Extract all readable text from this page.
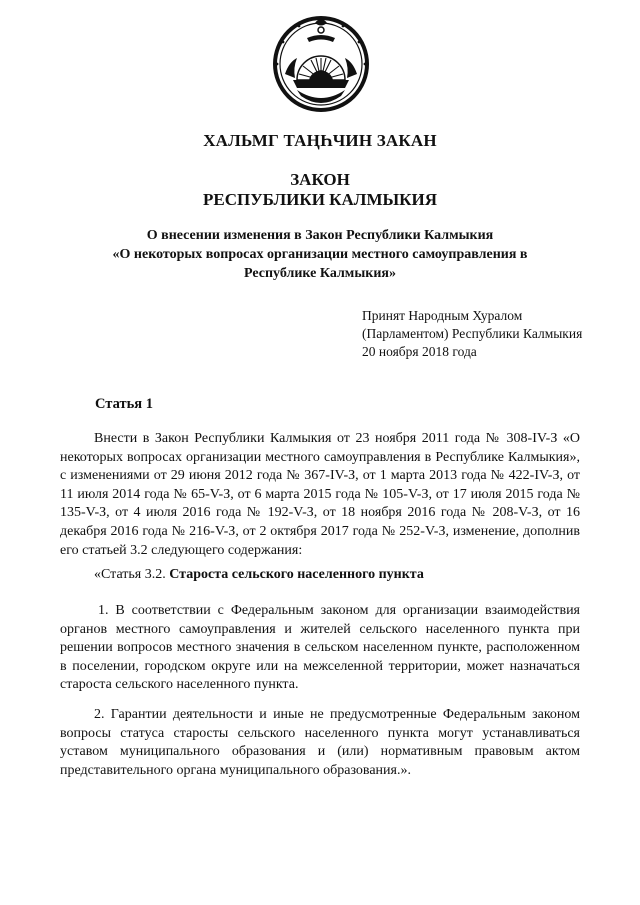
ХАЛЬМГ ТАҢҺЧИН ЗАКАН
ЗАКОН
РЕСПУБЛИКИ КАЛМЫКИЯ
О внесении изменения в Закон Республики Калмыкия
«О некоторых вопросах организации местного самоуправления в
Республике Калмыкия»
Принят Народным Хуралом
(Парламентом) Республики Калмыкия
20 ноября 2018 года
Статья 1
Внести в Закон Республики Калмыкия от 23 ноября 2011 года № 308-IV-З «О некоторых вопросах организации местного самоуправления в Республике Калмыкия», с изменениями от 29 июня 2012 года № 367-IV-З, от 1 марта 2013 года № 422-IV-З, от 11 июля 2014 года № 65-V-З, от 6 марта 2015 года № 105-V-З, от 17 июля 2015 года № 135-V-З, от 4 июля 2016 года № 192-V-З, от 18 ноября 2016 года № 208-V-З, от 16 декабря 2016 года № 216-V-З, от 2 октября 2017 года № 252-V-З, изменение, дополнив его статьей 3.2 следующего содержания:
«Статья 3.2. Староста сельского населенного пункта
1. В соответствии с Федеральным законом для организации взаимодействия органов местного самоуправления и жителей сельского населенного пункта при решении вопросов местного значения в сельском населенном пункте, расположенном в поселении, городском округе или на межселенной территории, может назначаться староста сельского населенного пункта.
2. Гарантии деятельности и иные не предусмотренные Федеральным законом вопросы статуса старосты сельского населенного пункта могут устанавливаться уставом муниципального образования и (или) нормативным правовым актом представительного органа муниципального образования.».
